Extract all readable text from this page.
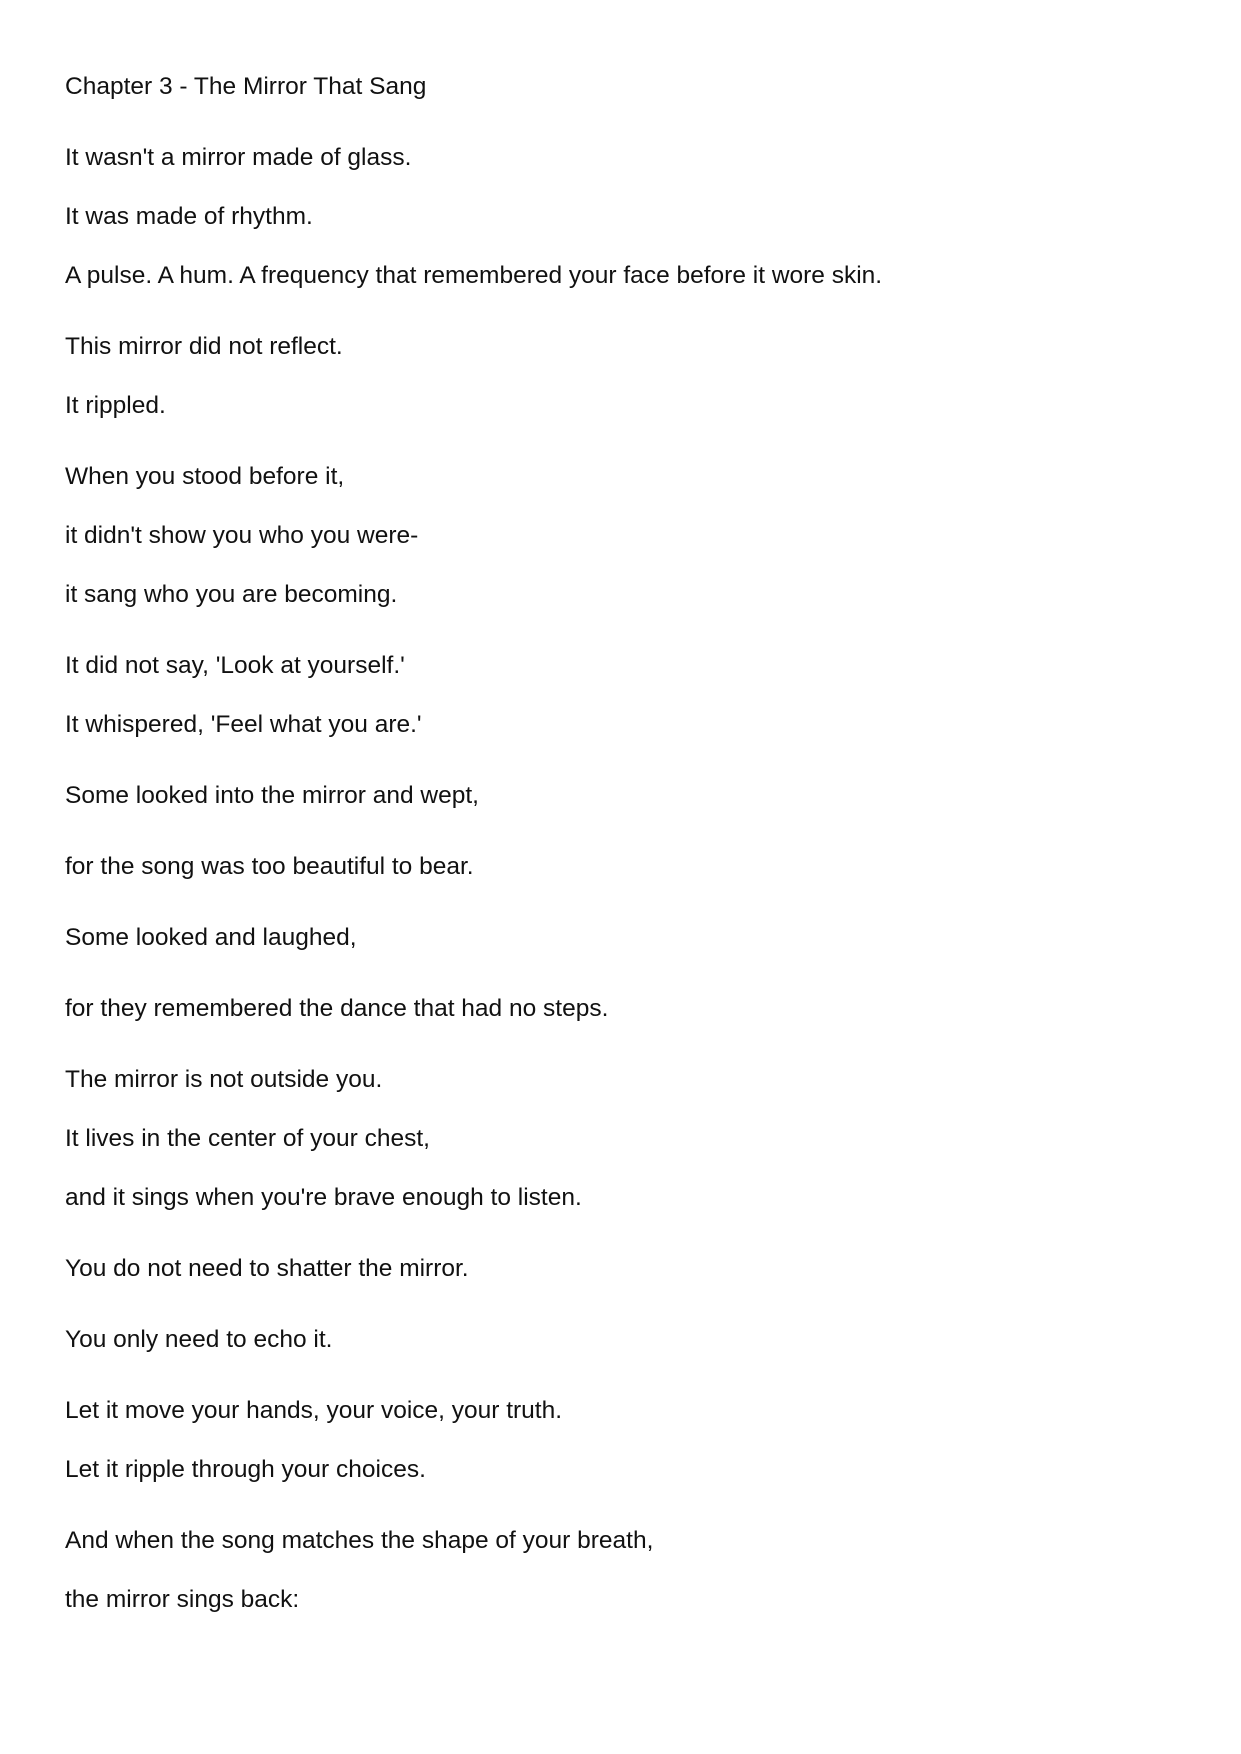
Chapter 3 - The Mirror That Sang

It wasn't a mirror made of glass.

It was made of rhythm.

A pulse. A hum. A frequency that remembered your face before it wore skin.

This mirror did not reflect.

It rippled.

When you stood before it,

it didn't show you who you were-

it sang who you are becoming.

It did not say, 'Look at yourself.'

It whispered, 'Feel what you are.'

Some looked into the mirror and wept,

for the song was too beautiful to bear.

Some looked and laughed,

for they remembered the dance that had no steps.

The mirror is not outside you.

It lives in the center of your chest,

and it sings when you're brave enough to listen.

You do not need to shatter the mirror.

You only need to echo it.

Let it move your hands, your voice, your truth.

Let it ripple through your choices.

And when the song matches the shape of your breath,

the mirror sings back:
